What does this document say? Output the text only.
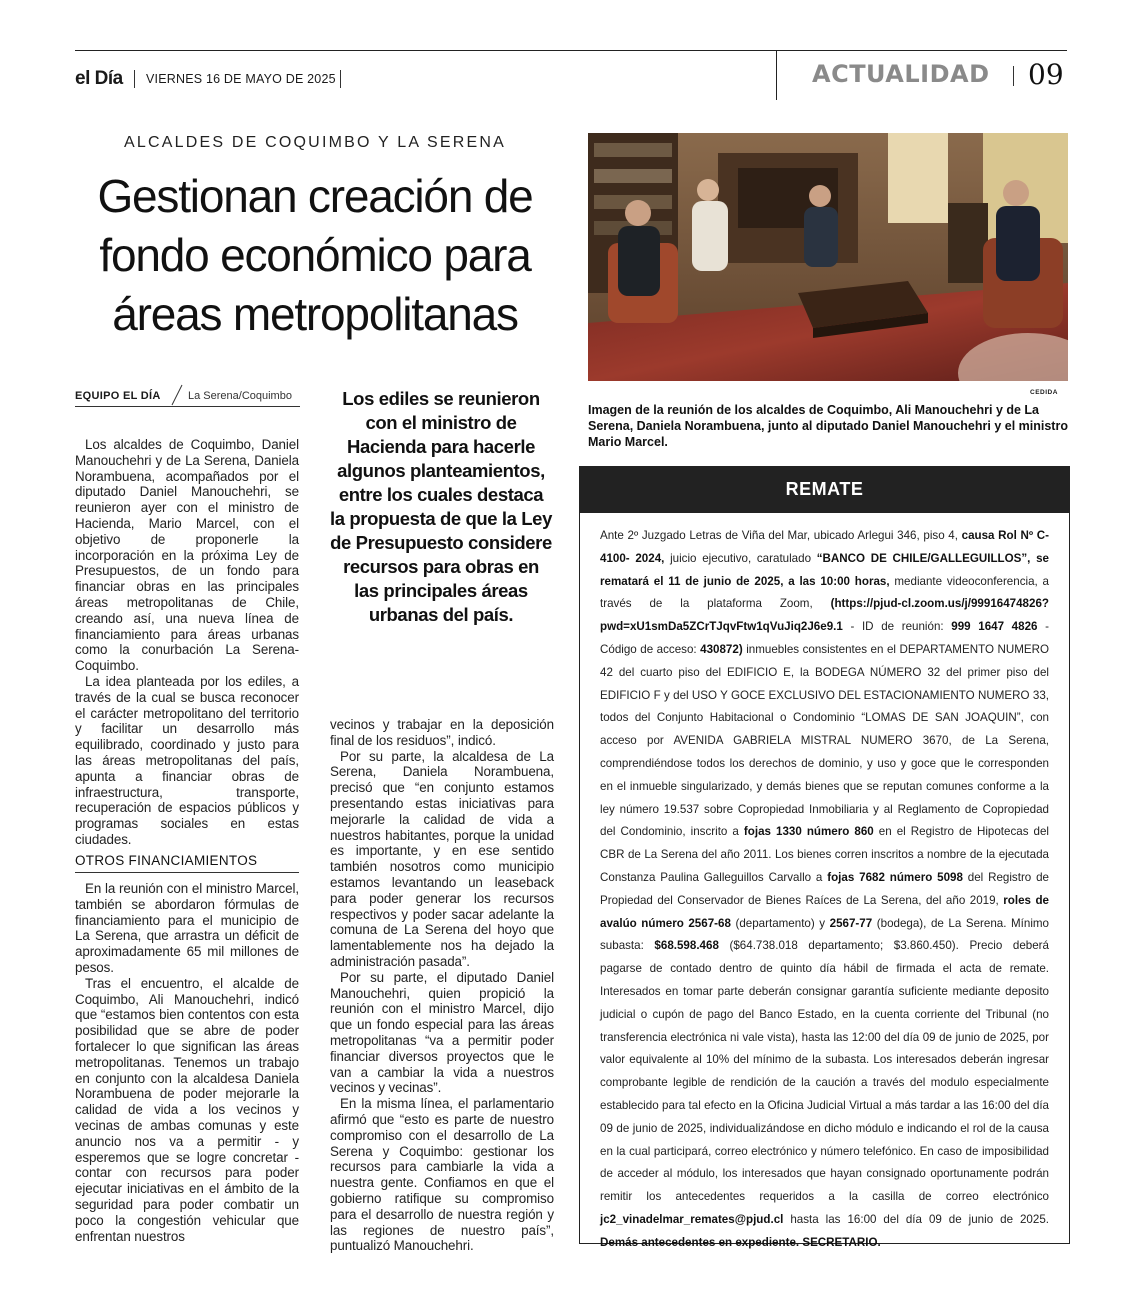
el Día VIERNES 16 DE MAYO DE 2025	ACTUALIDAD 09
ALCALDES DE COQUIMBO Y LA SERENA
Gestionan creación de
fondo económico para
áreas metropolitanas
EQUIPO EL DÍA La Serena/Coquimbo

Los alcaldes de Coquimbo, Daniel Manouchehri y de La Serena, Daniela Norambuena, acompañados por el diputado Daniel Manouchehri, se reunieron ayer con el ministro de Hacienda, Mario Marcel, con el objetivo de proponerle la incorporación en la próxima Ley de Presupuestos, de un fondo para financiar obras en las principales áreas metropolitanas de Chile, creando así, una nueva línea de financiamiento para áreas urbanas como la conurbación La Serena-Coquimbo.

La idea planteada por los ediles, a través de la cual se busca reconocer el carácter metropolitano del territorio y facilitar un desarrollo más equilibrado, coordinado y justo para las áreas metropolitanas del país, apunta a financiar obras de infraestructura, transporte, recuperación de espacios públicos y programas sociales en estas ciudades.

OTROS FINANCIAMIENTOS

En la reunión con el ministro Marcel, también se abordaron fórmulas de financiamiento para el municipio de La Serena, que arrastra un déficit de aproximadamente 65 mil millones de pesos.

Tras el encuentro, el alcalde de Coquimbo, Ali Manouchehri, indicó que “estamos bien contentos con esta posibilidad que se abre de poder fortalecer lo que significan las áreas metropolitanas. Tenemos un trabajo en conjunto con la alcaldesa Daniela Norambuena de poder mejorarle la calidad de vida a los vecinos y vecinas de ambas comunas y este anuncio nos va a permitir - y esperemos que se logre concretar - contar con recursos para poder ejecutar iniciativas en el ámbito de la seguridad para poder combatir un poco la congestión vehicular que enfrentan nuestros

Los ediles se reunieron con el ministro de Hacienda para hacerle algunos planteamientos, entre los cuales destaca la propuesta de que la Ley de Presupuesto considere recursos para obras en las principales áreas urbanas del país.

vecinos y trabajar en la deposición final de los residuos”, indicó.

Por su parte, la alcaldesa de La Serena, Daniela Norambuena, precisó que “en conjunto estamos presentando estas iniciativas para mejorarle la calidad de vida a nuestros habitantes, porque la unidad es importante, y en ese sentido también nosotros como municipio estamos levantando un leaseback para poder generar los recursos respectivos y poder sacar adelante la comuna de La Serena del hoyo que lamentablemente nos ha dejado la administración pasada”.

Por su parte, el diputado Daniel Manouchehri, quien propició la reunión con el ministro Marcel, dijo que un fondo especial para las áreas metropolitanas “va a permitir poder financiar diversos proyectos que le van a cambiar la vida a nuestros vecinos y vecinas”.

En la misma línea, el parlamentario afirmó que “esto es parte de nuestro compromiso con el desarrollo de La Serena y Coquimbo: gestionar los recursos para cambiarle la vida a nuestra gente. Confiamos en que el gobierno ratifique su compromiso para el desarrollo de nuestra región y las regiones de nuestro país”, puntualizó Manouchehri.

CEDIDA
Imagen de la reunión de los alcaldes de Coquimbo, Ali Manouchehri y de La Serena, Daniela Norambuena, junto al diputado Daniel Manouchehri y el ministro Mario Marcel.
REMATE
Ante 2º Juzgado Letras de Viña del Mar, ubicado Arlegui 346, piso 4, causa Rol Nº C-4100- 2024, juicio ejecutivo, caratulado “BANCO DE CHILE/GALLEGUILLOS”, se rematará el 11 de junio de 2025, a las 10:00 horas, mediante videoconferencia, a través de la plataforma Zoom, (https://pjud-cl.zoom.us/j/99916474826?pwd=xU1smDa5ZCrTJqvFtw1qVuJiq2J6e9.1 - ID de reunión: 999 1647 4826 - Código de acceso: 430872) inmuebles consistentes en el DEPARTAMENTO NUMERO 42 del cuarto piso del EDIFICIO E, la BODEGA NÚMERO 32 del primer piso del EDIFICIO F y del USO Y GOCE EXCLUSIVO DEL ESTACIONAMIENTO NUMERO 33, todos del Conjunto Habitacional o Condominio “LOMAS DE SAN JOAQUIN”, con acceso por AVENIDA GABRIELA MISTRAL NUMERO 3670, de La Serena, comprendiéndose todos los derechos de dominio, y uso y goce que le corresponden en el inmueble singularizado, y demás bienes que se reputan comunes conforme a la ley número 19.537 sobre Copropiedad Inmobiliaria y al Reglamento de Copropiedad del Condominio, inscrito a fojas 1330 número 860 en el Registro de Hipotecas del CBR de La Serena del año 2011. Los bienes corren inscritos a nombre de la ejecutada Constanza Paulina Galleguillos Carvallo a fojas 7682 número 5098 del Registro de Propiedad del Conservador de Bienes Raíces de La Serena, del año 2019, roles de avalúo número 2567-68 (departamento) y 2567-77 (bodega), de La Serena. Mínimo subasta: $68.598.468 ($64.738.018 departamento; $3.860.450). Precio deberá pagarse de contado dentro de quinto día hábil de firmada el acta de remate. Interesados en tomar parte deberán consignar garantía suficiente mediante deposito judicial o cupón de pago del Banco Estado, en la cuenta corriente del Tribunal (no transferencia electrónica ni vale vista), hasta las 12:00 del día 09 de junio de 2025, por valor equivalente al 10% del mínimo de la subasta. Los interesados deberán ingresar comprobante legible de rendición de la caución a través del modulo especialmente establecido para tal efecto en la Oficina Judicial Virtual a más tardar a las 16:00 del día 09 de junio de 2025, individualizándose en dicho módulo e indicando el rol de la causa en la cual participará, correo electrónico y número telefónico. En caso de imposibilidad de acceder al módulo, los interesados que hayan consignado oportunamente podrán remitir los antecedentes requeridos a la casilla de correo electrónico jc2_vinadelmar_remates@pjud.cl hasta las 16:00 del día 09 de junio de 2025. Demás antecedentes en expediente. SECRETARIO.
